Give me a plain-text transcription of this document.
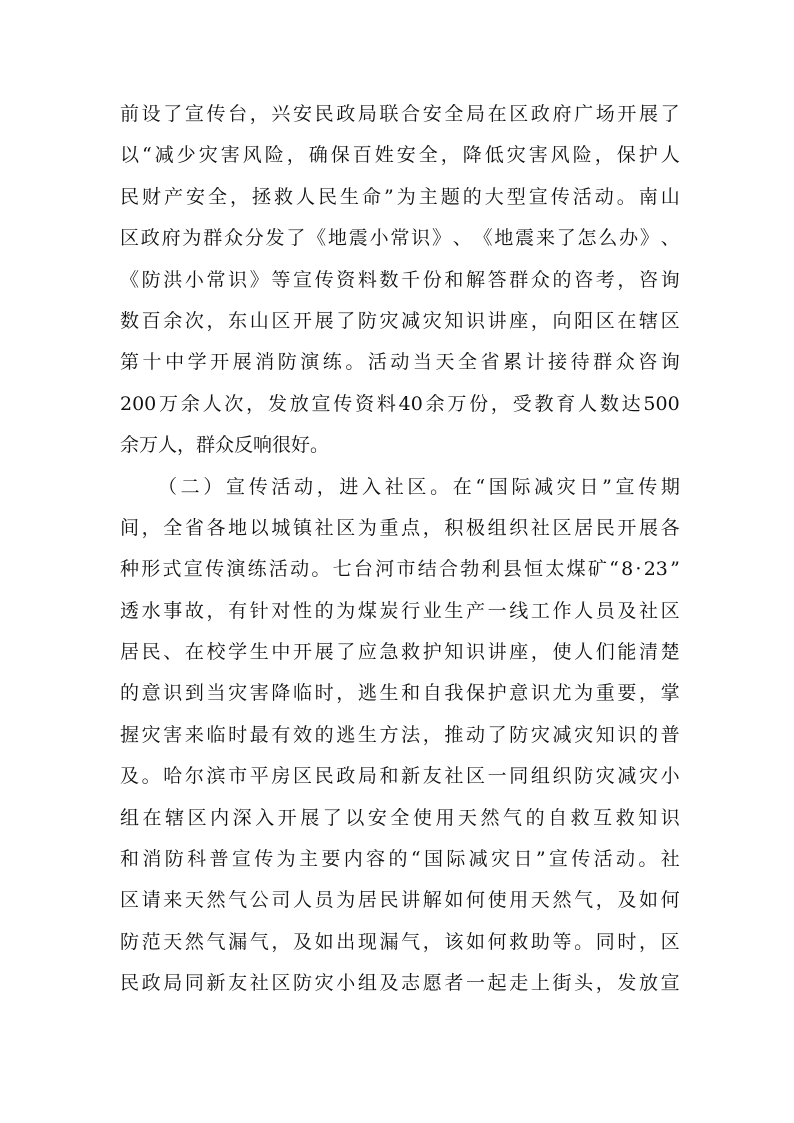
前 设 了 宣 传 台 ， 兴 安 民 政 局 联 合 安 全 局 在 区 政 府 广 场 开 展 了
以 “ 减 少 灾 害 风 险 ， 确 保 百 姓 安 全 ， 降 低 灾 害 风 险 ， 保 护 人
民 财 产 安 全 ， 拯 救 人 民 生 命 ” 为 主 题 的 大 型 宣 传 活 动 。 南 山
区 政 府 为 群 众 分 发 了 《 地 震 小 常 识 》 、 《 地 震 来 了 怎 么 办 》 、
《 防 洪 小 常 识 》 等 宣 传 资 料 数 千 份 和 解 答 群 众 的 咨 考 ， 咨 询
数 百 余 次 ， 东 山 区 开 展 了 防 灾 减 灾 知 识 讲 座 ， 向 阳 区 在 辖 区
第 十 中 学 开 展 消 防 演 练 。 活 动 当 天 全 省 累 计 接 待 群 众 咨 询
200 万 余 人 次 ， 发 放 宣 传 资 料 40 余 万 份 ， 受 教 育 人 数 达 500
余万人，群众反响很好。
（ 二 ） 宣 传 活 动 ， 进 入 社 区 。 在 “ 国 际 减 灾 日 ” 宣 传 期
间 ， 全 省 各 地 以 城 镇 社 区 为 重 点 ， 积 极 组 织 社 区 居 民 开 展 各
种 形 式 宣 传 演 练 活 动 。 七 台 河 市 结 合 勃 利 县 恒 太 煤 矿 “ 8 · 23 ”
透 水 事 故 ， 有 针 对 性 的 为 煤 炭 行 业 生 产 一 线 工 作 人 员 及 社 区
居 民 、 在 校 学 生 中 开 展 了 应 急 救 护 知 识 讲 座 ， 使 人 们 能 清 楚
的 意 识 到 当 灾 害 降 临 时 ， 逃 生 和 自 我 保 护 意 识 尤 为 重 要 ， 掌
握 灾 害 来 临 时 最 有 效 的 逃 生 方 法 ， 推 动 了 防 灾 减 灾 知 识 的 普
及 。 哈 尔 滨 市 平 房 区 民 政 局 和 新 友 社 区 一 同 组 织 防 灾 减 灾 小
组 在 辖 区 内 深 入 开 展 了 以 安 全 使 用 天 然 气 的 自 救 互 救 知 识
和 消 防 科 普 宣 传 为 主 要 内 容 的 “ 国 际 减 灾 日 ” 宣 传 活 动 。 社
区 请 来 天 然 气 公 司 人 员 为 居 民 讲 解 如 何 使 用 天 然 气 ， 及 如 何
防 范 天 然 气 漏 气 ， 及 如 出 现 漏 气 ， 该 如 何 救 助 等 。 同 时 ， 区
民 政 局 同 新 友 社 区 防 灾 小 组 及 志 愿 者 一 起 走 上 街 头 ， 发 放 宣
